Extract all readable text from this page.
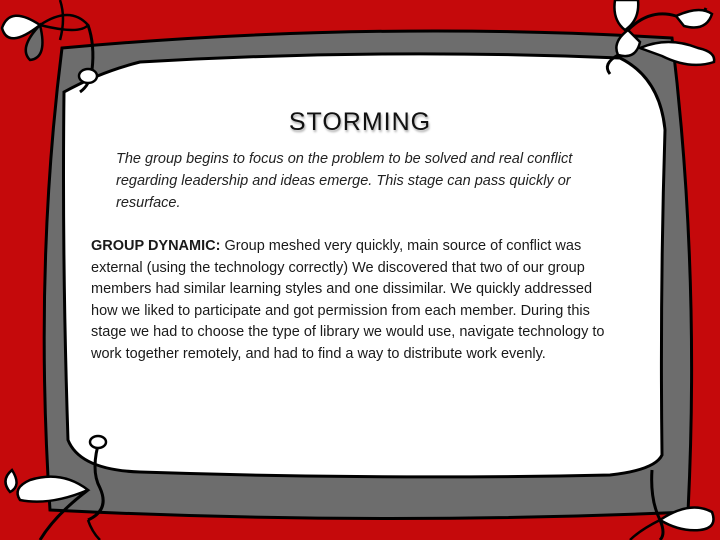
STORMING
The group begins to focus on the problem to be solved and real conflict regarding leadership and ideas emerge. This stage can pass quickly or resurface.
GROUP DYNAMIC: Group meshed very quickly, main source of conflict was external (using the technology correctly) We discovered that two of our group members had similar learning styles and one dissimilar. We quickly addressed how we liked to participate and got permission from each member. During this stage we had to choose the type of library we would use, navigate technology to work together remotely, and had to find a way to distribute work evenly.
